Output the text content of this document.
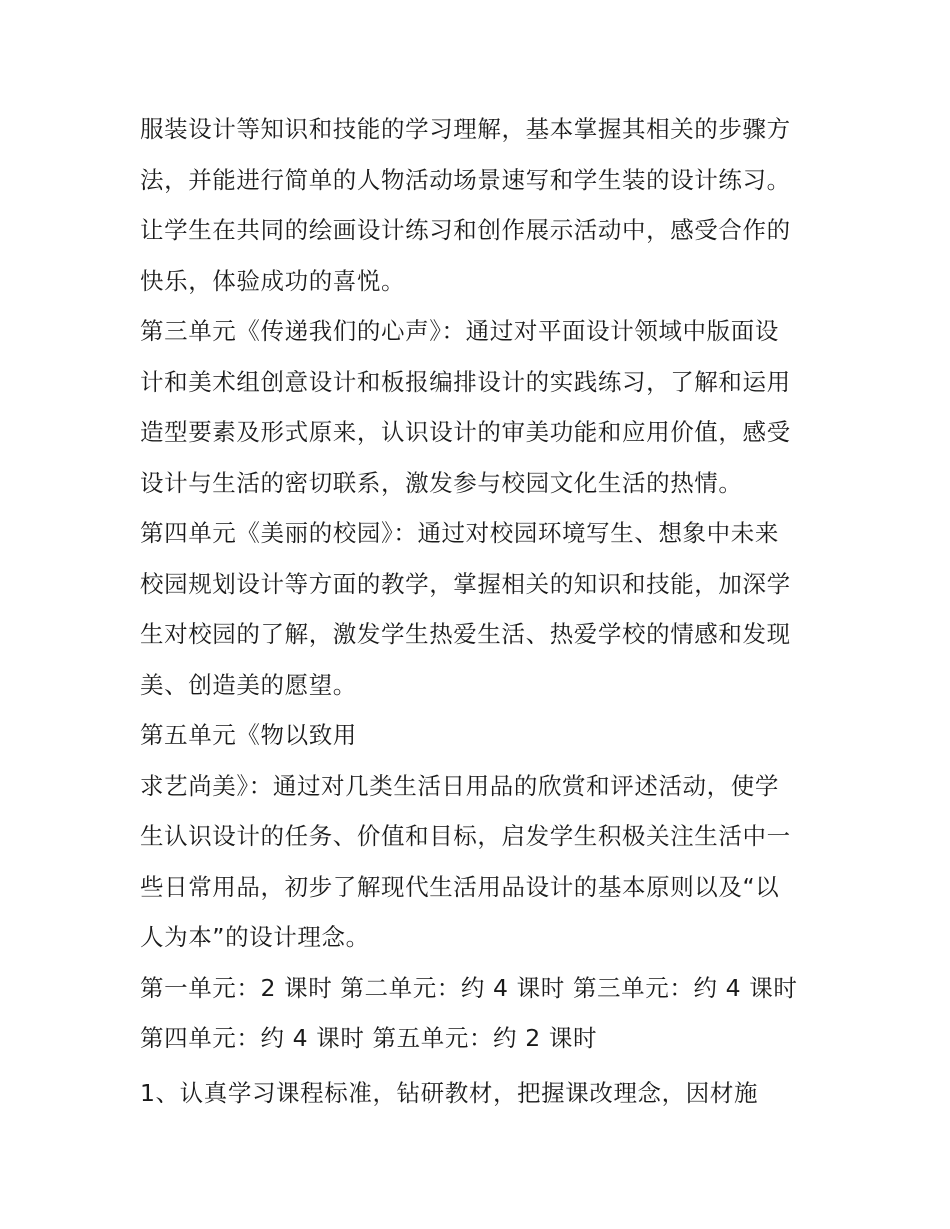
服装设计等知识和技能的学习理解，基本掌握其相关的步骤方
法，并能进行简单的人物活动场景速写和学生装的设计练习。
让学生在共同的绘画设计练习和创作展示活动中，感受合作的
快乐，体验成功的喜悦。
第三单元《传递我们的心声》：通过对平面设计领域中版面设
计和美术组创意设计和板报编排设计的实践练习，了解和运用
造型要素及形式原来，认识设计的审美功能和应用价值，感受
设计与生活的密切联系，激发参与校园文化生活的热情。
第四单元《美丽的校园》：通过对校园环境写生、想象中未来
校园规划设计等方面的教学，掌握相关的知识和技能，加深学
生对校园的了解，激发学生热爱生活、热爱学校的情感和发现
美、创造美的愿望。
第五单元《物以致用
求艺尚美》：通过对几类生活日用品的欣赏和评述活动，使学
生认识设计的任务、价值和目标，启发学生积极关注生活中一
些日常用品，初步了解现代生活用品设计的基本原则以及“以
人为本”的设计理念。
第一单元：2 课时 第二单元：约 4 课时 第三单元：约 4 课时
第四单元：约 4 课时 第五单元：约 2 课时
1、认真学习课程标准，钻研教材，把握课改理念，因材施
